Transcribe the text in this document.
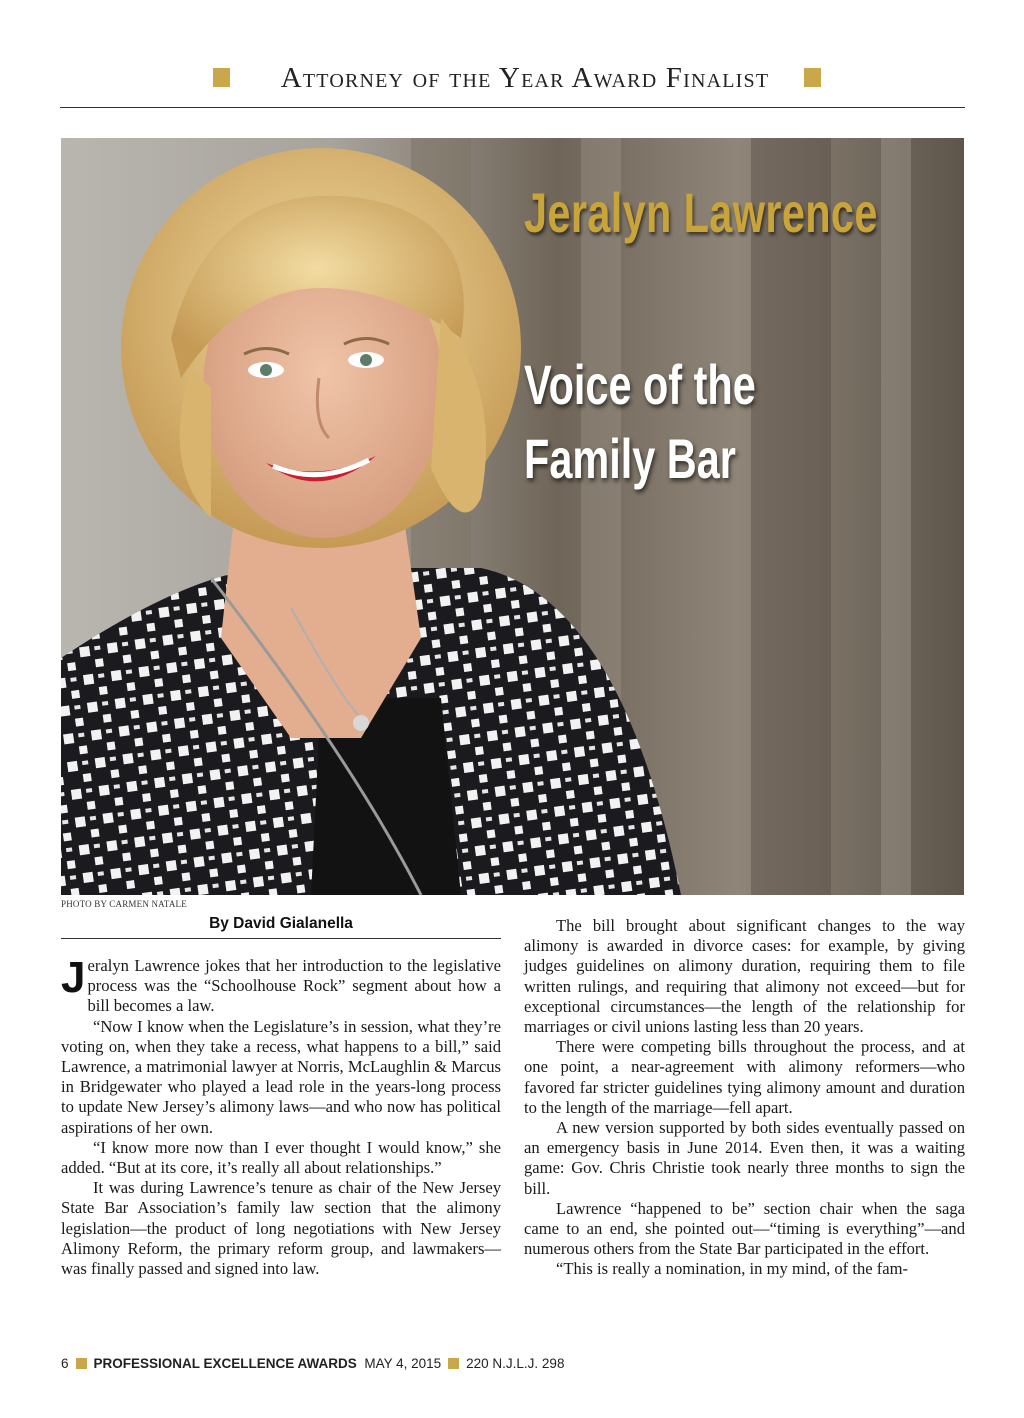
Attorney of the Year Award Finalist
Jeralyn Lawrence
Voice of the
Family Bar
PHOTO BY CARMEN NATALE
By David Gialanella

Jeralyn Lawrence jokes that her introduction to the legislative process was the “Schoolhouse Rock” segment about how a bill becomes a law.

“Now I know when the Legislature’s in session, what they’re voting on, when they take a recess, what happens to a bill,” said Lawrence, a matrimonial lawyer at Norris, McLaughlin & Marcus in Bridgewater who played a lead role in the years-long process to update New Jersey’s alimony laws—and who now has political aspirations of her own.

“I know more now than I ever thought I would know,” she added. “But at its core, it’s really all about relationships.”

It was during Lawrence’s tenure as chair of the New Jersey State Bar Association’s family law section that the alimony legislation—the product of long negotiations with New Jersey Alimony Reform, the primary reform group, and lawmakers—was finally passed and signed into law.

The bill brought about significant changes to the way alimony is awarded in divorce cases: for example, by giving judges guidelines on alimony duration, requiring them to file written rulings, and requiring that alimony not exceed—but for exceptional circumstances—the length of the relationship for marriages or civil unions lasting less than 20 years.

There were competing bills throughout the process, and at one point, a near-agreement with alimony reformers—who favored far stricter guidelines tying alimony amount and duration to the length of the marriage—fell apart.

A new version supported by both sides eventually passed on an emergency basis in June 2014. Even then, it was a waiting game: Gov. Chris Christie took nearly three months to sign the bill.

Lawrence “happened to be” section chair when the saga came to an end, she pointed out—“timing is everything”—and numerous others from the State Bar participated in the effort.

“This is really a nomination, in my mind, of the fam-

6 PROFESSIONAL EXCELLENCE AWARDS MAY 4, 2015 220 N.J.L.J. 298
